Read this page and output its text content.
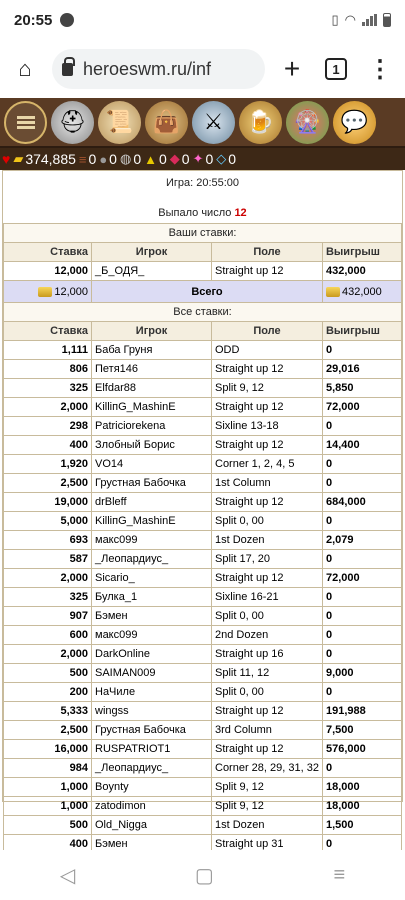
20:55	▯ ◠
⌂	heroeswm.ru/inf	+	1	⋮
⛑ 📜 👜	⚔	🍺 🎡 💬
♥ ▰ 374,885 ≡ 0 ● 0 ◍ 0 ▲ 0 ◆ 0 ✦ 0 ◇ 0
Игра: 20:55:00
Выпало число 12
Ваши ставки:			
Ставка	Игрок	Поле	Выигрыш
12,000	_Б_ОДЯ_	Straight up 12	432,000
12,000	Всего		432,000
Все ставки:			
Ставка	Игрок	Поле	Выигрыш
1,111	Баба Груня	ODD	0
806	Петя146	Straight up 12	29,016
325	Elfdar88	Split 9, 12	5,850
2,000	KilliпG_MashinE	Straight up 12	72,000
298	Patriciorekena	Sixline 13-18	0
400	Злобный Борис	Straight up 12	14,400
1,920	VO14	Corner 1, 2, 4, 5	0
2,500	Грустная Бабочка	1st Column	0
19,000	drBleff	Straight up 12	684,000
5,000	KilliпG_MashinE	Split 0, 00	0
693	макс099	1st Dozen	2,079
587	_Леопардиус_	Split 17, 20	0
2,000	Sicario_	Straight up 12	72,000
325	Булка_1	Sixline 16-21	0
907	Бэмен	Split 0, 00	0
600	макс099	2nd Dozen	0
2,000	DarkOnline	Straight up 16	0
500	SAIMAN009	Split 11, 12	9,000
200	НаЧиле	Split 0, 00	0
5,333	wingss	Straight up 12	191,988
2,500	Грустная Бабочка	3rd Column	7,500
16,000	RUSPATRIOT1	Straight up 12	576,000
984	_Леопардиус_	Corner 28, 29, 31, 32	0
1,000	Boynty	Split 9, 12	18,000
1,000	zatodimon	Split 9, 12	18,000
500	Old_Nigga	1st Dozen	1,500
400	Бэмен	Straight up 31	0
◁	▢	≡
